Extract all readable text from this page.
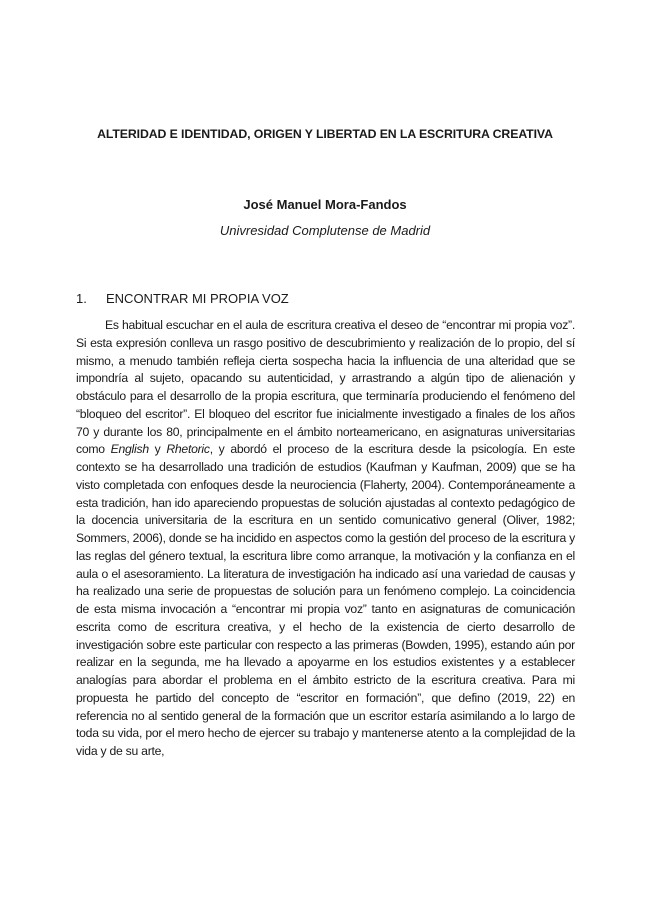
ALTERIDAD E IDENTIDAD, ORIGEN Y LIBERTAD EN LA ESCRITURA CREATIVA
José Manuel Mora-Fandos
Univresidad Complutense de Madrid
1. ENCONTRAR MI PROPIA VOZ

Es habitual escuchar en el aula de escritura creativa el deseo de “encontrar mi propia voz”. Si esta expresión conlleva un rasgo positivo de descubrimiento y realización de lo propio, del sí mismo, a menudo también refleja cierta sospecha hacia la influencia de una alteridad que se impondría al sujeto, opacando su autenticidad, y arrastrando a algún tipo de alienación y obstáculo para el desarrollo de la propia escritura, que terminaría produciendo el fenómeno del “bloqueo del escritor”. El bloqueo del escritor fue inicialmente investigado a finales de los años 70 y durante los 80, principalmente en el ámbito norteamericano, en asignaturas universitarias como English y Rhetoric, y abordó el proceso de la escritura desde la psicología. En este contexto se ha desarrollado una tradición de estudios (Kaufman y Kaufman, 2009) que se ha visto completada con enfoques desde la neurociencia (Flaherty, 2004). Contemporáneamente a esta tradición, han ido apareciendo propuestas de solución ajustadas al contexto pedagógico de la docencia universitaria de la escritura en un sentido comunicativo general (Oliver, 1982; Sommers, 2006), donde se ha incidido en aspectos como la gestión del proceso de la escritura y las reglas del género textual, la escritura libre como arranque, la motivación y la confianza en el aula o el asesoramiento. La literatura de investigación ha indicado así una variedad de causas y ha realizado una serie de propuestas de solución para un fenómeno complejo. La coincidencia de esta misma invocación a “encontrar mi propia voz” tanto en asignaturas de comunicación escrita como de escritura creativa, y el hecho de la existencia de cierto desarrollo de investigación sobre este particular con respecto a las primeras (Bowden, 1995), estando aún por realizar en la segunda, me ha llevado a apoyarme en los estudios existentes y a establecer analogías para abordar el problema en el ámbito estricto de la escritura creativa. Para mi propuesta he partido del concepto de “escritor en formación”, que defino (2019, 22) en referencia no al sentido general de la formación que un escritor estaría asimilando a lo largo de toda su vida, por el mero hecho de ejercer su trabajo y mantenerse atento a la complejidad de la vida y de su arte,
